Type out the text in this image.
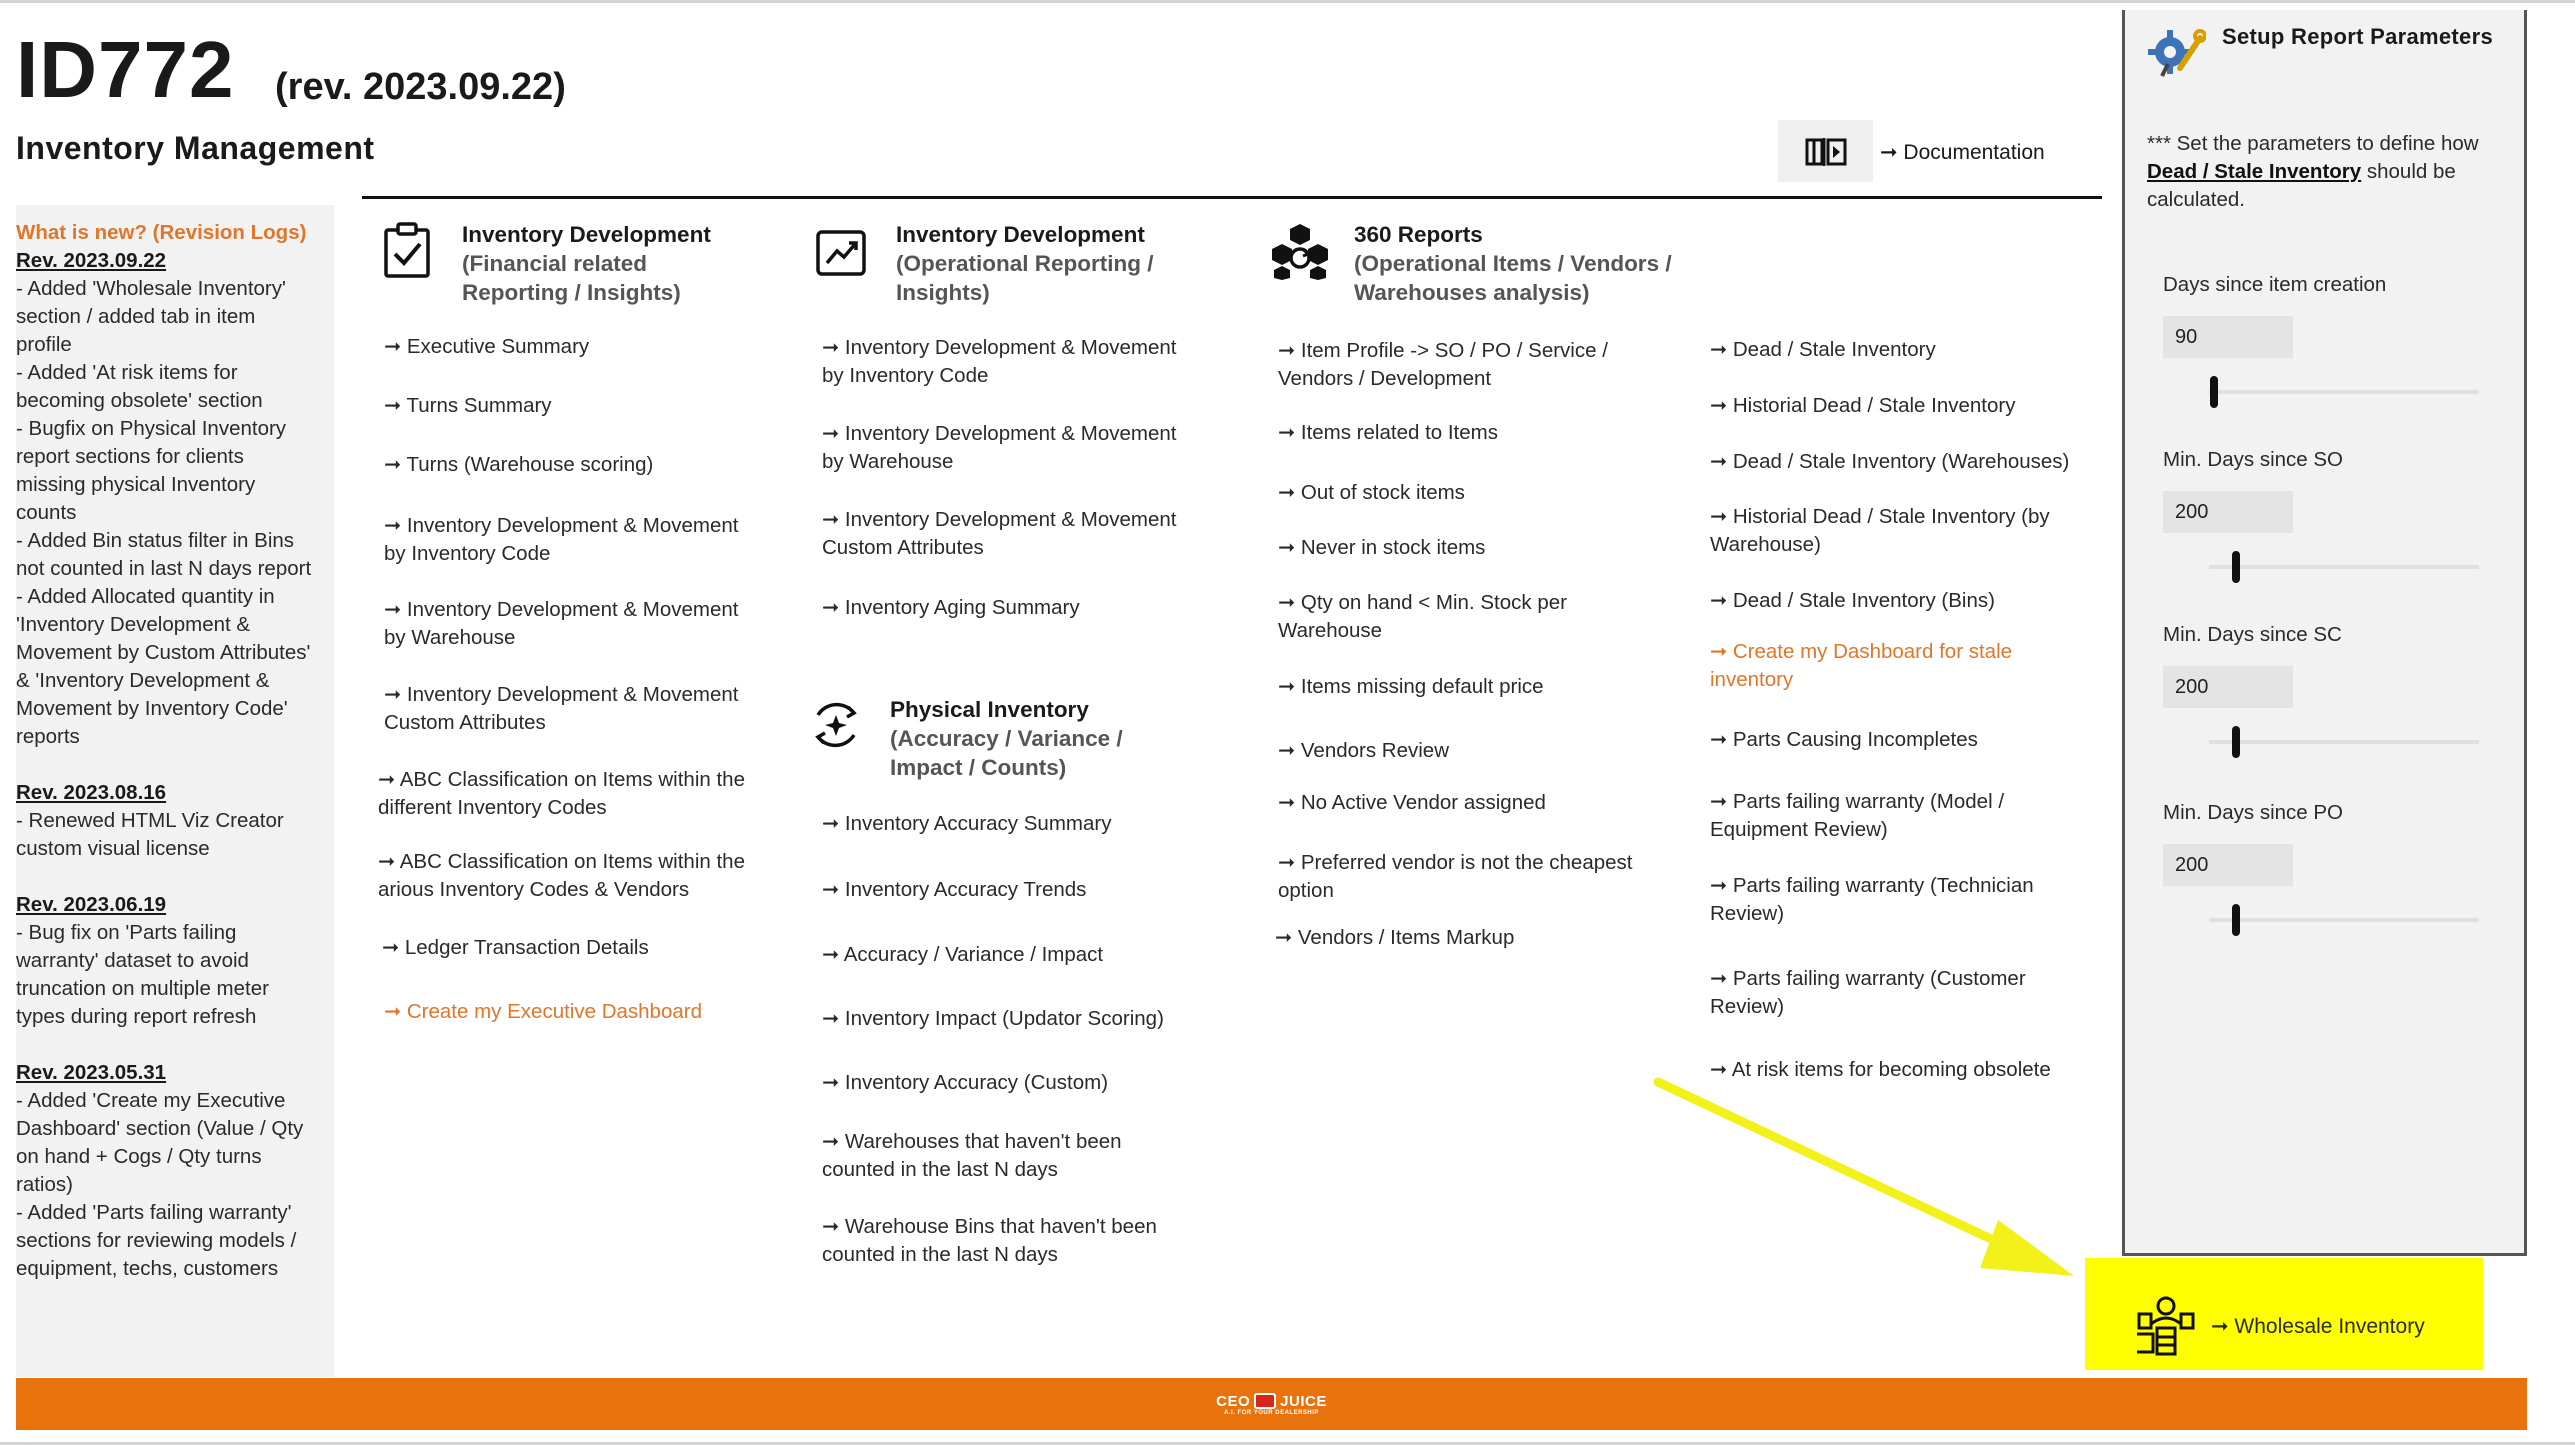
ID772 (rev. 2023.09.22)
Inventory Management	➞ Documentation

What is new? (Revision Logs)

Rev. 2023.09.22

- Added 'Wholesale Inventory'

section / added tab in item

profile

- Added 'At risk items for

becoming obsolete' section

- Bugfix on Physical Inventory

report sections for clients

missing physical Inventory

counts

- Added Bin status filter in Bins

not counted in last N days report

- Added Allocated quantity in

'Inventory Development &

Movement by Custom Attributes'

& 'Inventory Development &

Movement by Inventory Code'

reports

Rev. 2023.08.16

- Renewed HTML Viz Creator

custom visual license

Rev. 2023.06.19

- Bug fix on 'Parts failing

warranty' dataset to avoid

truncation on multiple meter

types during report refresh

Rev. 2023.05.31

- Added 'Create my Executive

Dashboard' section (Value / Qty

on hand + Cogs / Qty turns

ratios)

- Added 'Parts failing warranty'

sections for reviewing models /

equipment, techs, customers

Inventory Development
(Financial related
Reporting / Insights)
➞ Executive Summary
➞ Turns Summary
➞ Turns (Warehouse scoring)
➞ Inventory Development & Movement
by Inventory Code
➞ Inventory Development & Movement
by Warehouse
➞ Inventory Development & Movement
Custom Attributes
➞ ABC Classification on Items within the
different Inventory Codes
➞ ABC Classification on Items within the
arious Inventory Codes & Vendors
➞ Ledger Transaction Details
➞ Create my Executive Dashboard
Inventory Development
(Operational Reporting /
Insights)
➞ Inventory Development & Movement
by Inventory Code
➞ Inventory Development & Movement
by Warehouse
➞ Inventory Development & Movement
Custom Attributes
➞ Inventory Aging Summary
Physical Inventory
(Accuracy / Variance /
Impact / Counts)
➞ Inventory Accuracy Summary
➞ Inventory Accuracy Trends
➞ Accuracy / Variance / Impact
➞ Inventory Impact (Updator Scoring)
➞ Inventory Accuracy (Custom)
➞ Warehouses that haven't been
counted in the last N days
➞ Warehouse Bins that haven't been
counted in the last N days
360 Reports
(Operational Items / Vendors /
Warehouses analysis)
➞ Item Profile -> SO / PO / Service /
Vendors / Development
➞ Items related to Items
➞ Out of stock items
➞ Never in stock items
➞ Qty on hand < Min. Stock per
Warehouse
➞ Items missing default price
➞ Vendors Review
➞ No Active Vendor assigned
➞ Preferred vendor is not the cheapest
option
➞ Vendors / Items Markup
➞ Dead / Stale Inventory
➞ Historial Dead / Stale Inventory
➞ Dead / Stale Inventory (Warehouses)
➞ Historial Dead / Stale Inventory (by
Warehouse)
➞ Dead / Stale Inventory (Bins)
➞ Create my Dashboard for stale
inventory
➞ Parts Causing Incompletes
➞ Parts failing warranty (Model /
Equipment Review)
➞ Parts failing warranty (Technician
Review)
➞ Parts failing warranty (Customer
Review)
➞ At risk items for becoming obsolete
Setup Report Parameters
*** Set the parameters to define how
Dead / Stale Inventory should be
calculated.
Days since item creation
90
Min. Days since SO
200
Min. Days since SC
200
Min. Days since PO
200
➞ Wholesale Inventory
CEO JUICE
A.I. FOR YOUR DEALERSHIP
